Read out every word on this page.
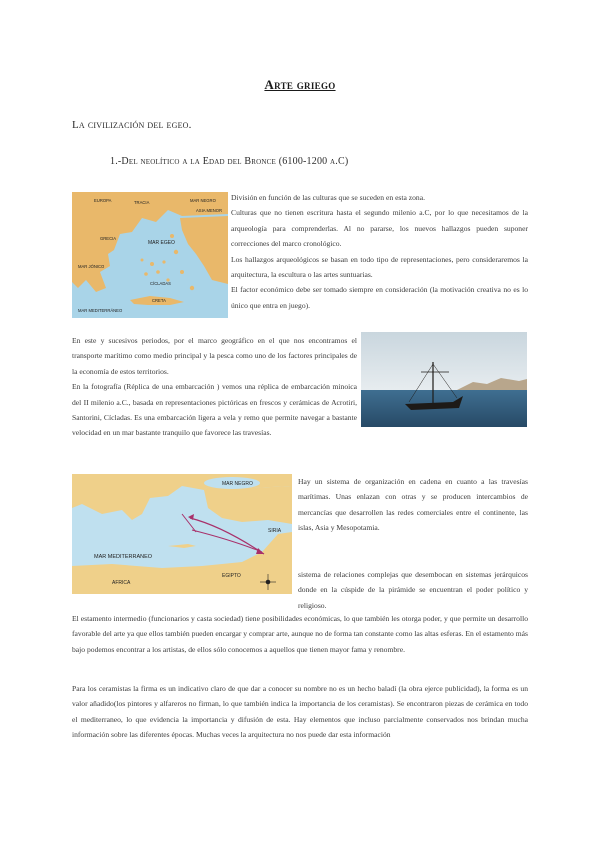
Arte griego
La civilización del egeo.
1.-Del neolítico a la Edad del Bronce (6100-1200 a.C)
EUROPA	TRACIA	MAR NEGRO
ASIA MENOR
GRECIA
MAR EGEO
CÍCLADAS
MAR JÓNICO
CRETA
MAR MEDITERRÁNEO

División en función de las culturas que se suceden en esta zona.

Culturas que no tienen escritura hasta el segundo milenio a.C, por lo que necesitamos de la arqueología para comprenderlas. Al no pararse, los nuevos hallazgos pueden suponer correcciones del marco cronológico.

Los hallazgos arqueológicos se basan en todo tipo de representaciones, pero consideraremos la arquitectura, la escultura o las artes suntuarias.

El factor económico debe ser tomado siempre en consideración (la motivación creativa no es lo único que entra en juego).

En este y sucesivos periodos, por el marco geográfico en el que nos encontramos el transporte marítimo como medio principal y la pesca como uno de los factores principales de la economía de estos territorios.

En la fotografía (Réplica de una embarcación ) vemos una réplica de embarcación minoica del II milenio a.C., basada en representaciones pictóricas en frescos y cerámicas de Acrotiri, Santorini, Cícladas. Es una embarcación ligera a vela y remo que permite navegar a bastante velocidad en un mar bastante tranquilo que favorece las travesías.

MAR NEGRO
MAR MEDITERRANEO
EGIPTO
AFRICA
SIRIA

Hay un sistema de organización en cadena en cuanto a las travesías marítimas. Unas enlazan con otras y se producen intercambios de mercancías que desarrollen las redes comerciales entre el continente, las islas, Asia y Mesopotamia.

sistema de relaciones complejas que desembocan en sistemas jerárquicos donde en la cúspide de la pirámide se encuentran el poder político y religioso.

El estamento intermedio (funcionarios y casta sociedad) tiene posibilidades económicas, lo que también les otorga poder, y que permite un desarrollo favorable del arte ya que ellos también pueden encargar y comprar arte, aunque no de forma tan constante como las altas esferas. En el estamento más bajo podemos encontrar a los artistas, de ellos sólo conocemos a aquellos que tienen mayor fama y renombre.

Para los ceramistas la firma es un indicativo claro de que dar a conocer su nombre no es un hecho baladí (la obra ejerce publicidad), la forma es un valor añadido(los pintores y alfareros no firman, lo que también indica la importancia de los ceramistas). Se encontraron piezas de cerámica en todo el mediterraneo, lo que evidencia la importancia y difusión de esta. Hay elementos que incluso parcialmente conservados nos brindan mucha información sobre las diferentes épocas. Muchas veces la arquitectura no nos puede dar esta información
